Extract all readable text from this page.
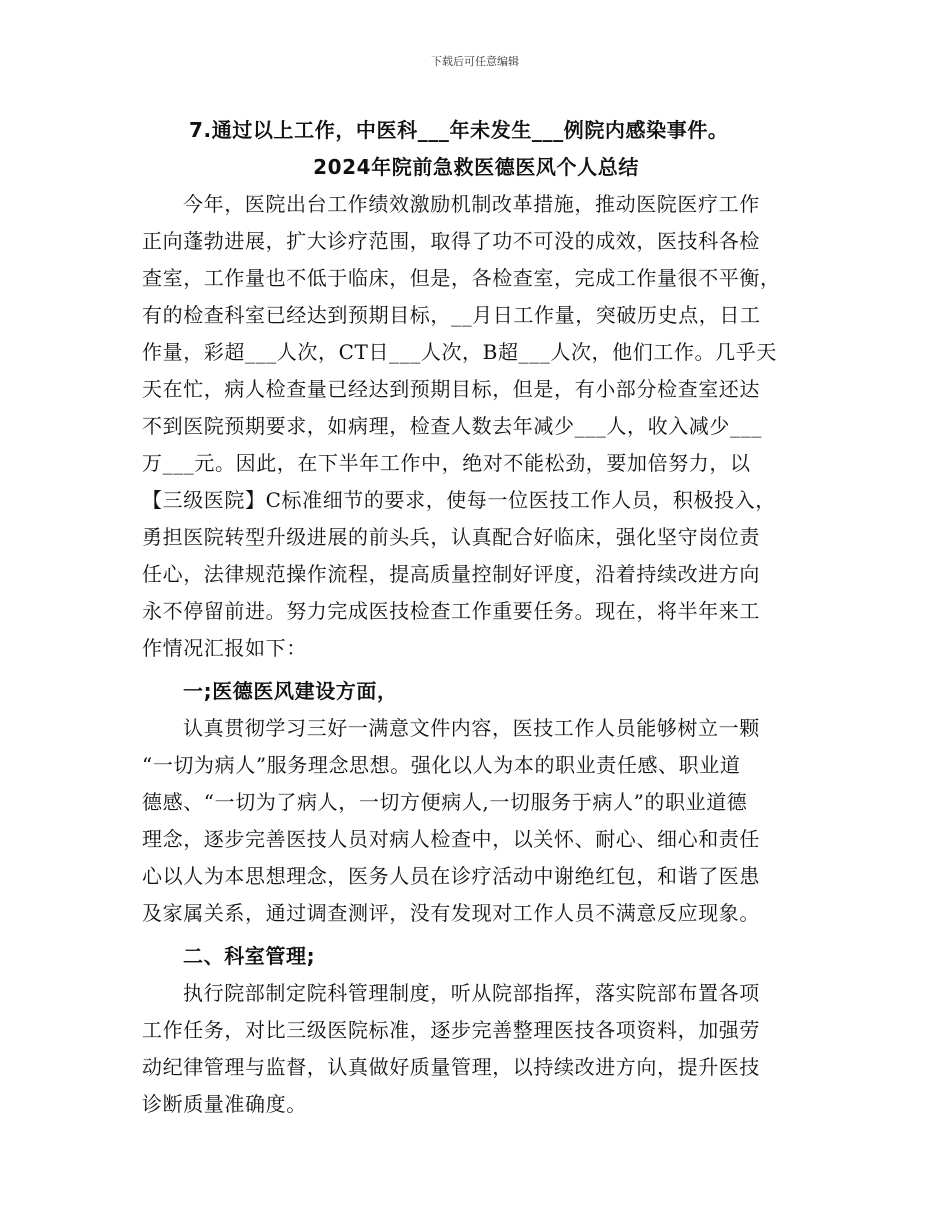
下载后可任意编辑

7.通过以上工作，中医科___年未发生___例院内感染事件。

2024年院前急救医德医风个人总结

今年，医院出台工作绩效激励机制改革措施，推动医院医疗工作

正向蓬勃进展，扩大诊疗范围，取得了功不可没的成效，医技科各检

查室，工作量也不低于临床，但是，各检查室，完成工作量很不平衡，

有的检查科室已经达到预期目标，__月日工作量，突破历史点，日工

作量，彩超___人次，CT日___人次，B超___人次，他们工作。几乎天

天在忙，病人检查量已经达到预期目标，但是，有小部分检查室还达

不到医院预期要求，如病理，检查人数去年减少___人，收入减少___

万___元。因此，在下半年工作中，绝对不能松劲，要加倍努力，以

【三级医院】C标准细节的要求，使每一位医技工作人员，积极投入，

勇担医院转型升级进展的前头兵，认真配合好临床，强化坚守岗位责

任心，法律规范操作流程，提高质量控制好评度，沿着持续改进方向

永不停留前进。努力完成医技检查工作重要任务。现在，将半年来工

作情况汇报如下：

一;医德医风建设方面，

认真贯彻学习三好一满意文件内容，医技工作人员能够树立一颗

“一切为病人”服务理念思想。强化以人为本的职业责任感、职业道

德感、“一切为了病人，一切方便病人,一切服务于病人”的职业道德

理念，逐步完善医技人员对病人检查中，以关怀、耐心、细心和责任

心以人为本思想理念，医务人员在诊疗活动中谢绝红包，和谐了医患

及家属关系，通过调查测评，没有发现对工作人员不满意反应现象。

二、科室管理;

执行院部制定院科管理制度，听从院部指挥，落实院部布置各项

工作任务，对比三级医院标准，逐步完善整理医技各项资料，加强劳

动纪律管理与监督，认真做好质量管理，以持续改进方向，提升医技

诊断质量准确度。
